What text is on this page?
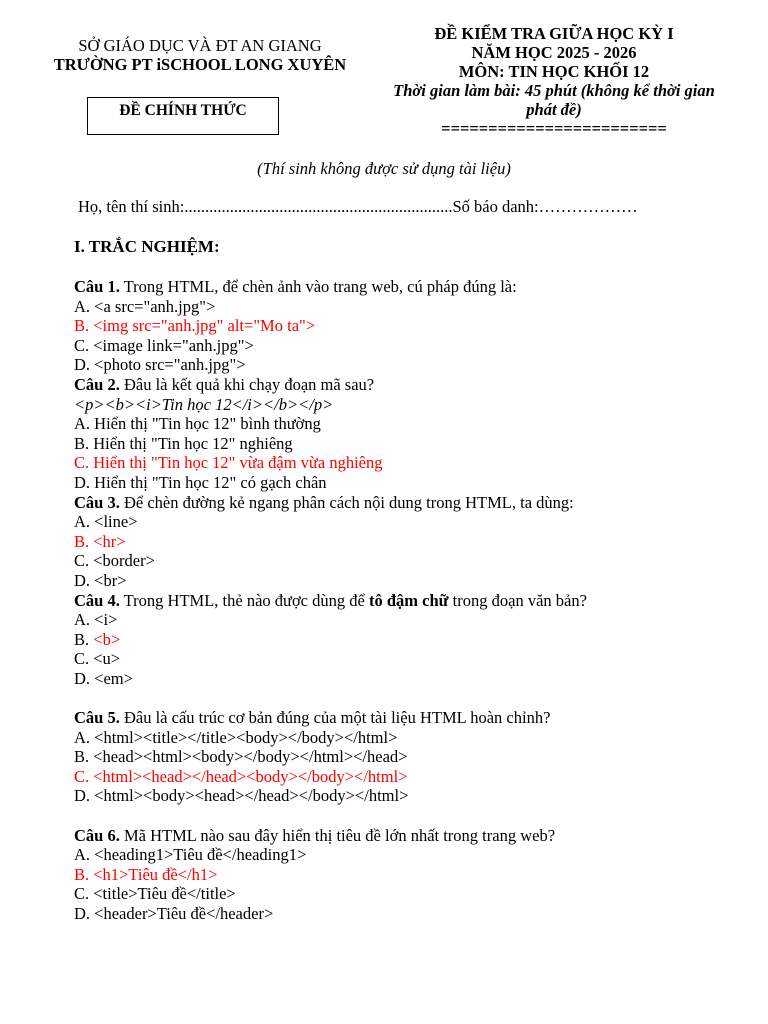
SỞ GIÁO DỤC VÀ ĐT AN GIANG
TRƯỜNG PT iSCHOOL LONG XUYÊN
ĐỀ CHÍNH THỨC
ĐỀ KIỂM TRA GIỮA HỌC KỲ I
NĂM HỌC 2025 - 2026
MÔN: TIN HỌC KHỐI 12
Thời gian làm bài: 45 phút (không kể thời gian
phát đề)
========================
(Thí sinh không được sử dụng tài liệu)
Họ, tên thí sinh:.................................................................Số báo danh:………………
I. TRẮC NGHIỆM:
Câu 1. Trong HTML, để chèn ảnh vào trang web, cú pháp đúng là:
A. <a src="anh.jpg">
B. <img src="anh.jpg" alt="Mo ta">
C. <image link="anh.jpg">
D. <photo src="anh.jpg">
Câu 2. Đâu là kết quả khi chạy đoạn mã sau?
<p><b><i>Tin học 12</i></b></p>
A. Hiển thị "Tin học 12" bình thường
B. Hiển thị "Tin học 12" nghiêng
C. Hiển thị "Tin học 12" vừa đậm vừa nghiêng
D. Hiển thị "Tin học 12" có gạch chân
Câu 3. Để chèn đường kẻ ngang phân cách nội dung trong HTML, ta dùng:
A. <line>
B. <hr>
C. <border>
D. <br>
Câu 4. Trong HTML, thẻ nào được dùng để tô đậm chữ trong đoạn văn bản?
A. <i>
B. <b>
C. <u>
D. <em>
Câu 5. Đâu là cấu trúc cơ bản đúng của một tài liệu HTML hoàn chỉnh?
A. <html><title></title><body></body></html>
B. <head><html><body></body></html></head>
C. <html><head></head><body></body></html>
D. <html><body><head></head></body></html>
Câu 6. Mã HTML nào sau đây hiển thị tiêu đề lớn nhất trong trang web?
A. <heading1>Tiêu đề</heading1>
B. <h1>Tiêu đề</h1>
C. <title>Tiêu đề</title>
D. <header>Tiêu đề</header>
